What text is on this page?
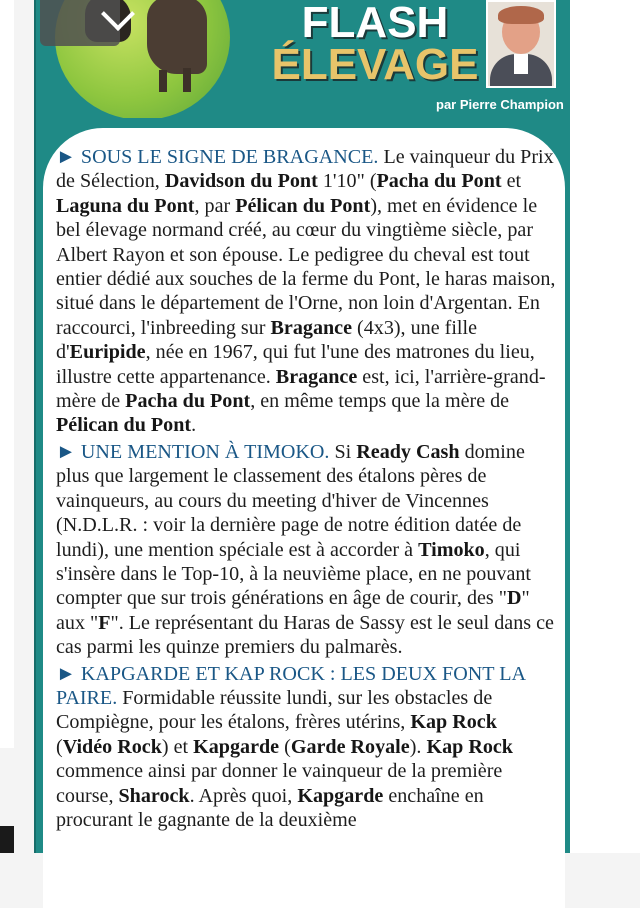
FLASH
ÉLEVAGE
par Pierre Champion

► SOUS LE SIGNE DE BRAGANCE. Le vainqueur du Prix de Sélection, Davidson du Pont 1'10" (Pacha du Pont et Laguna du Pont, par Pélican du Pont), met en évidence le bel élevage normand créé, au cœur du vingtième siècle, par Albert Rayon et son épouse. Le pedigree du cheval est tout entier dédié aux souches de la ferme du Pont, le haras maison, situé dans le département de l'Orne, non loin d'Argentan. En raccourci, l'inbreeding sur Bragance (4x3), une fille d'Euripide, née en 1967, qui fut l'une des matrones du lieu, illustre cette appartenance. Bragance est, ici, l'arrière-grand-mère de Pacha du Pont, en même temps que la mère de Pélican du Pont.

► UNE MENTION À TIMOKO. Si Ready Cash domine plus que largement le classement des étalons pères de vainqueurs, au cours du meeting d'hiver de Vincennes (N.D.L.R. : voir la dernière page de notre édition datée de lundi), une mention spéciale est à accorder à Timoko, qui s'insère dans le Top-10, à la neuvième place, en ne pouvant compter que sur trois générations en âge de courir, des "D" aux "F". Le représentant du Haras de Sassy est le seul dans ce cas parmi les quinze premiers du palmarès.

► KAPGARDE ET KAP ROCK : LES DEUX FONT LA PAIRE. Formidable réussite lundi, sur les obstacles de Compiègne, pour les étalons, frères utérins, Kap Rock (Vidéo Rock) et Kapgarde (Garde Royale). Kap Rock commence ainsi par donner le vainqueur de la première course, Sharock. Après quoi, Kapgarde enchaîne en procurant le gagnante de la deuxième
